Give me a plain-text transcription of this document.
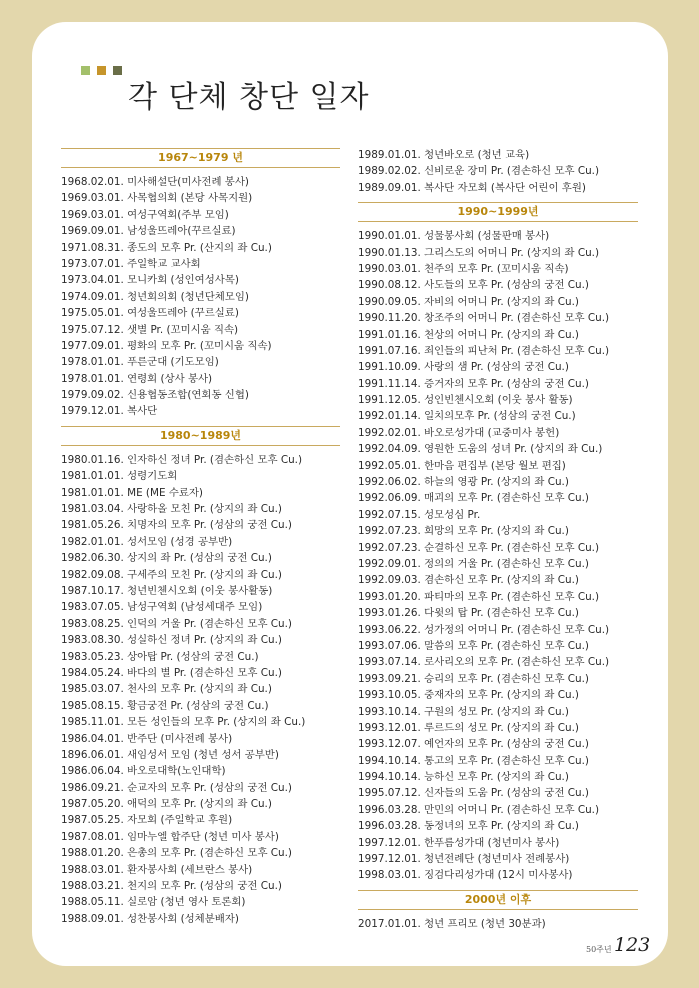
각 단체 창단 일자
1967~1979 년
1968.02.01. 미사해설단(미사전례 봉사)
1969.03.01. 사목협의회 (본당 사목지원)
1969.03.01. 여성구역회(주부 모임)
1969.09.01. 남성울뜨레아(꾸르실료)
1971.08.31. 종도의 모후 Pr. (산지의 좌 Cu.)
1973.07.01. 주일학교 교사회
1973.04.01. 모니카회 (성인여성사목)
1974.09.01. 청년회의회 (청년단체모임)
1975.05.01. 여성울뜨레아 (꾸르실료)
1975.07.12. 샛별 Pr. (꼬미시움 직속)
1977.09.01. 평화의 모후 Pr. (꼬미시움 직속)
1978.01.01. 푸른군대 (기도모임)
1978.01.01. 연령회 (상사 봉사)
1979.09.02. 신용협동조합(연회동 신협)
1979.12.01. 복사단
1980~1989년
1980.01.16. 인자하신 정녀 Pr. (겸손하신 모후 Cu.)
1981.01.01. 성령기도회
1981.01.01. ME (ME 수료자)
1981.03.04. 사랑하올 모친 Pr. (상지의 좌 Cu.)
1981.05.26. 치명자의 모후 Pr. (성삼의 궁전 Cu.)
1982.01.01. 성서모임 (성경 공부반)
1982.06.30. 상지의 좌 Pr. (성삼의 궁전 Cu.)
1982.09.08. 구세주의 모친 Pr. (상지의 좌 Cu.)
1987.10.17. 청년빈첸시오회 (이웃 봉사활동)
1983.07.05. 남성구역회 (남성세대주 모임)
1983.08.25. 인덕의 거울 Pr. (겸손하신 모후 Cu.)
1983.08.30. 성실하신 정녀 Pr. (상지의 좌 Cu.)
1983.05.23. 상아탑 Pr. (성삼의 궁전 Cu.)
1984.05.24. 바다의 별 Pr. (겸손하신 모후 Cu.)
1985.03.07. 천사의 모후 Pr. (상지의 좌 Cu.)
1985.08.15. 황금궁전 Pr. (성삼의 궁전 Cu.)
1985.11.01. 모든 성인들의 모후 Pr. (상지의 좌 Cu.)
1986.04.01. 반주단 (미사전례 봉사)
1896.06.01. 새임성서 모임 (청년 성서 공부반)
1986.06.04. 바오로대학(노인대학)
1986.09.21. 순교자의 모후 Pr. (성삼의 궁전 Cu.)
1987.05.20. 애덕의 모후 Pr. (상지의 좌 Cu.)
1987.05.25. 자모회 (주일학교 후원)
1987.08.01. 임마누엘 합주단 (청년 미사 봉사)
1988.01.20. 은총의 모후 Pr. (겸손하신 모후 Cu.)
1988.03.01. 환자봉사회 (세브란스 봉사)
1988.03.21. 천지의 모후 Pr. (성삼의 궁전 Cu.)
1988.05.11. 실로암 (청년 영사 토론회)
1988.09.01. 성찬봉사회 (성체분배자)
1989.01.01. 청년바오로 (청년 교육)
1989.02.02. 신비로운 장미 Pr. (겸손하신 모후 Cu.)
1989.09.01. 복사단 자모회 (복사단 어린이 후원)
1990~1999년
1990.01.01. 성물봉사회 (성물판매 봉사)
1990.01.13. 그리스도의 어머니 Pr. (상지의 좌 Cu.)
1990.03.01. 천주의 모후 Pr. (꼬미시움 직속)
1990.08.12. 사도들의 모후 Pr. (성삼의 궁전 Cu.)
1990.09.05. 자비의 어머니 Pr. (상지의 좌 Cu.)
1990.11.20. 창조주의 어머니 Pr. (겸손하신 모후 Cu.)
1991.01.16. 천상의 어머니 Pr. (상지의 좌 Cu.)
1991.07.16. 죄인들의 피난처 Pr. (겸손하신 모후 Cu.)
1991.10.09. 사랑의 샘 Pr. (성삼의 궁전 Cu.)
1991.11.14. 증거자의 모후 Pr. (성삼의 궁전 Cu.)
1991.12.05. 성인빈첸시오회 (이웃 봉사 활동)
1992.01.14. 일치의모후 Pr. (성삼의 궁전 Cu.)
1992.02.01. 바오로성가대 (교중미사 봉헌)
1992.04.09. 영원한 도움의 성녀 Pr. (상지의 좌 Cu.)
1992.05.01. 한마음 편집부 (본당 월보 편집)
1992.06.02. 하늘의 영광 Pr. (상지의 좌 Cu.)
1992.06.09. 매괴의 모후 Pr. (겸손하신 모후 Cu.)
1992.07.15. 성모성심 Pr.
1992.07.23. 희망의 모후 Pr. (상지의 좌 Cu.)
1992.07.23. 순결하신 모후 Pr. (겸손하신 모후 Cu.)
1992.09.01. 정의의 거울 Pr. (겸손하신 모후 Cu.)
1992.09.03. 겸손하신 모후 Pr. (상지의 좌 Cu.)
1993.01.20. 파티마의 모후 Pr. (겸손하신 모후 Cu.)
1993.01.26. 다윗의 탑 Pr. (겸손하신 모후 Cu.)
1993.06.22. 성가정의 어머니 Pr. (겸손하신 모후 Cu.)
1993.07.06. 말씀의 모후 Pr. (겸손하신 모후 Cu.)
1993.07.14. 로사리오의 모후 Pr. (겸손하신 모후 Cu.)
1993.09.21. 승리의 모후 Pr. (겸손하신 모후 Cu.)
1993.10.05. 중재자의 모후 Pr. (상지의 좌 Cu.)
1993.10.14. 구원의 성모 Pr. (상지의 좌 Cu.)
1993.12.01. 루르드의 성모 Pr. (상지의 좌 Cu.)
1993.12.07. 예언자의 모후 Pr. (성삼의 궁전 Cu.)
1994.10.14. 통고의 모후 Pr. (겸손하신 모후 Cu.)
1994.10.14. 능하신 모후 Pr. (상지의 좌 Cu.)
1995.07.12. 신자들의 도움 Pr. (성삼의 궁전 Cu.)
1996.03.28. 만민의 어머니 Pr. (겸손하신 모후 Cu.)
1996.03.28. 동정녀의 모후 Pr. (상지의 좌 Cu.)
1997.12.01. 한푸름성가대 (청년미사 봉사)
1997.12.01. 청년전례단 (청년미사 전례봉사)
1998.03.01. 징검다리성가대 (12시 미사봉사)
2000년 이후
2017.01.01. 청년 프리모 (청년 30분과)
50주년 123
